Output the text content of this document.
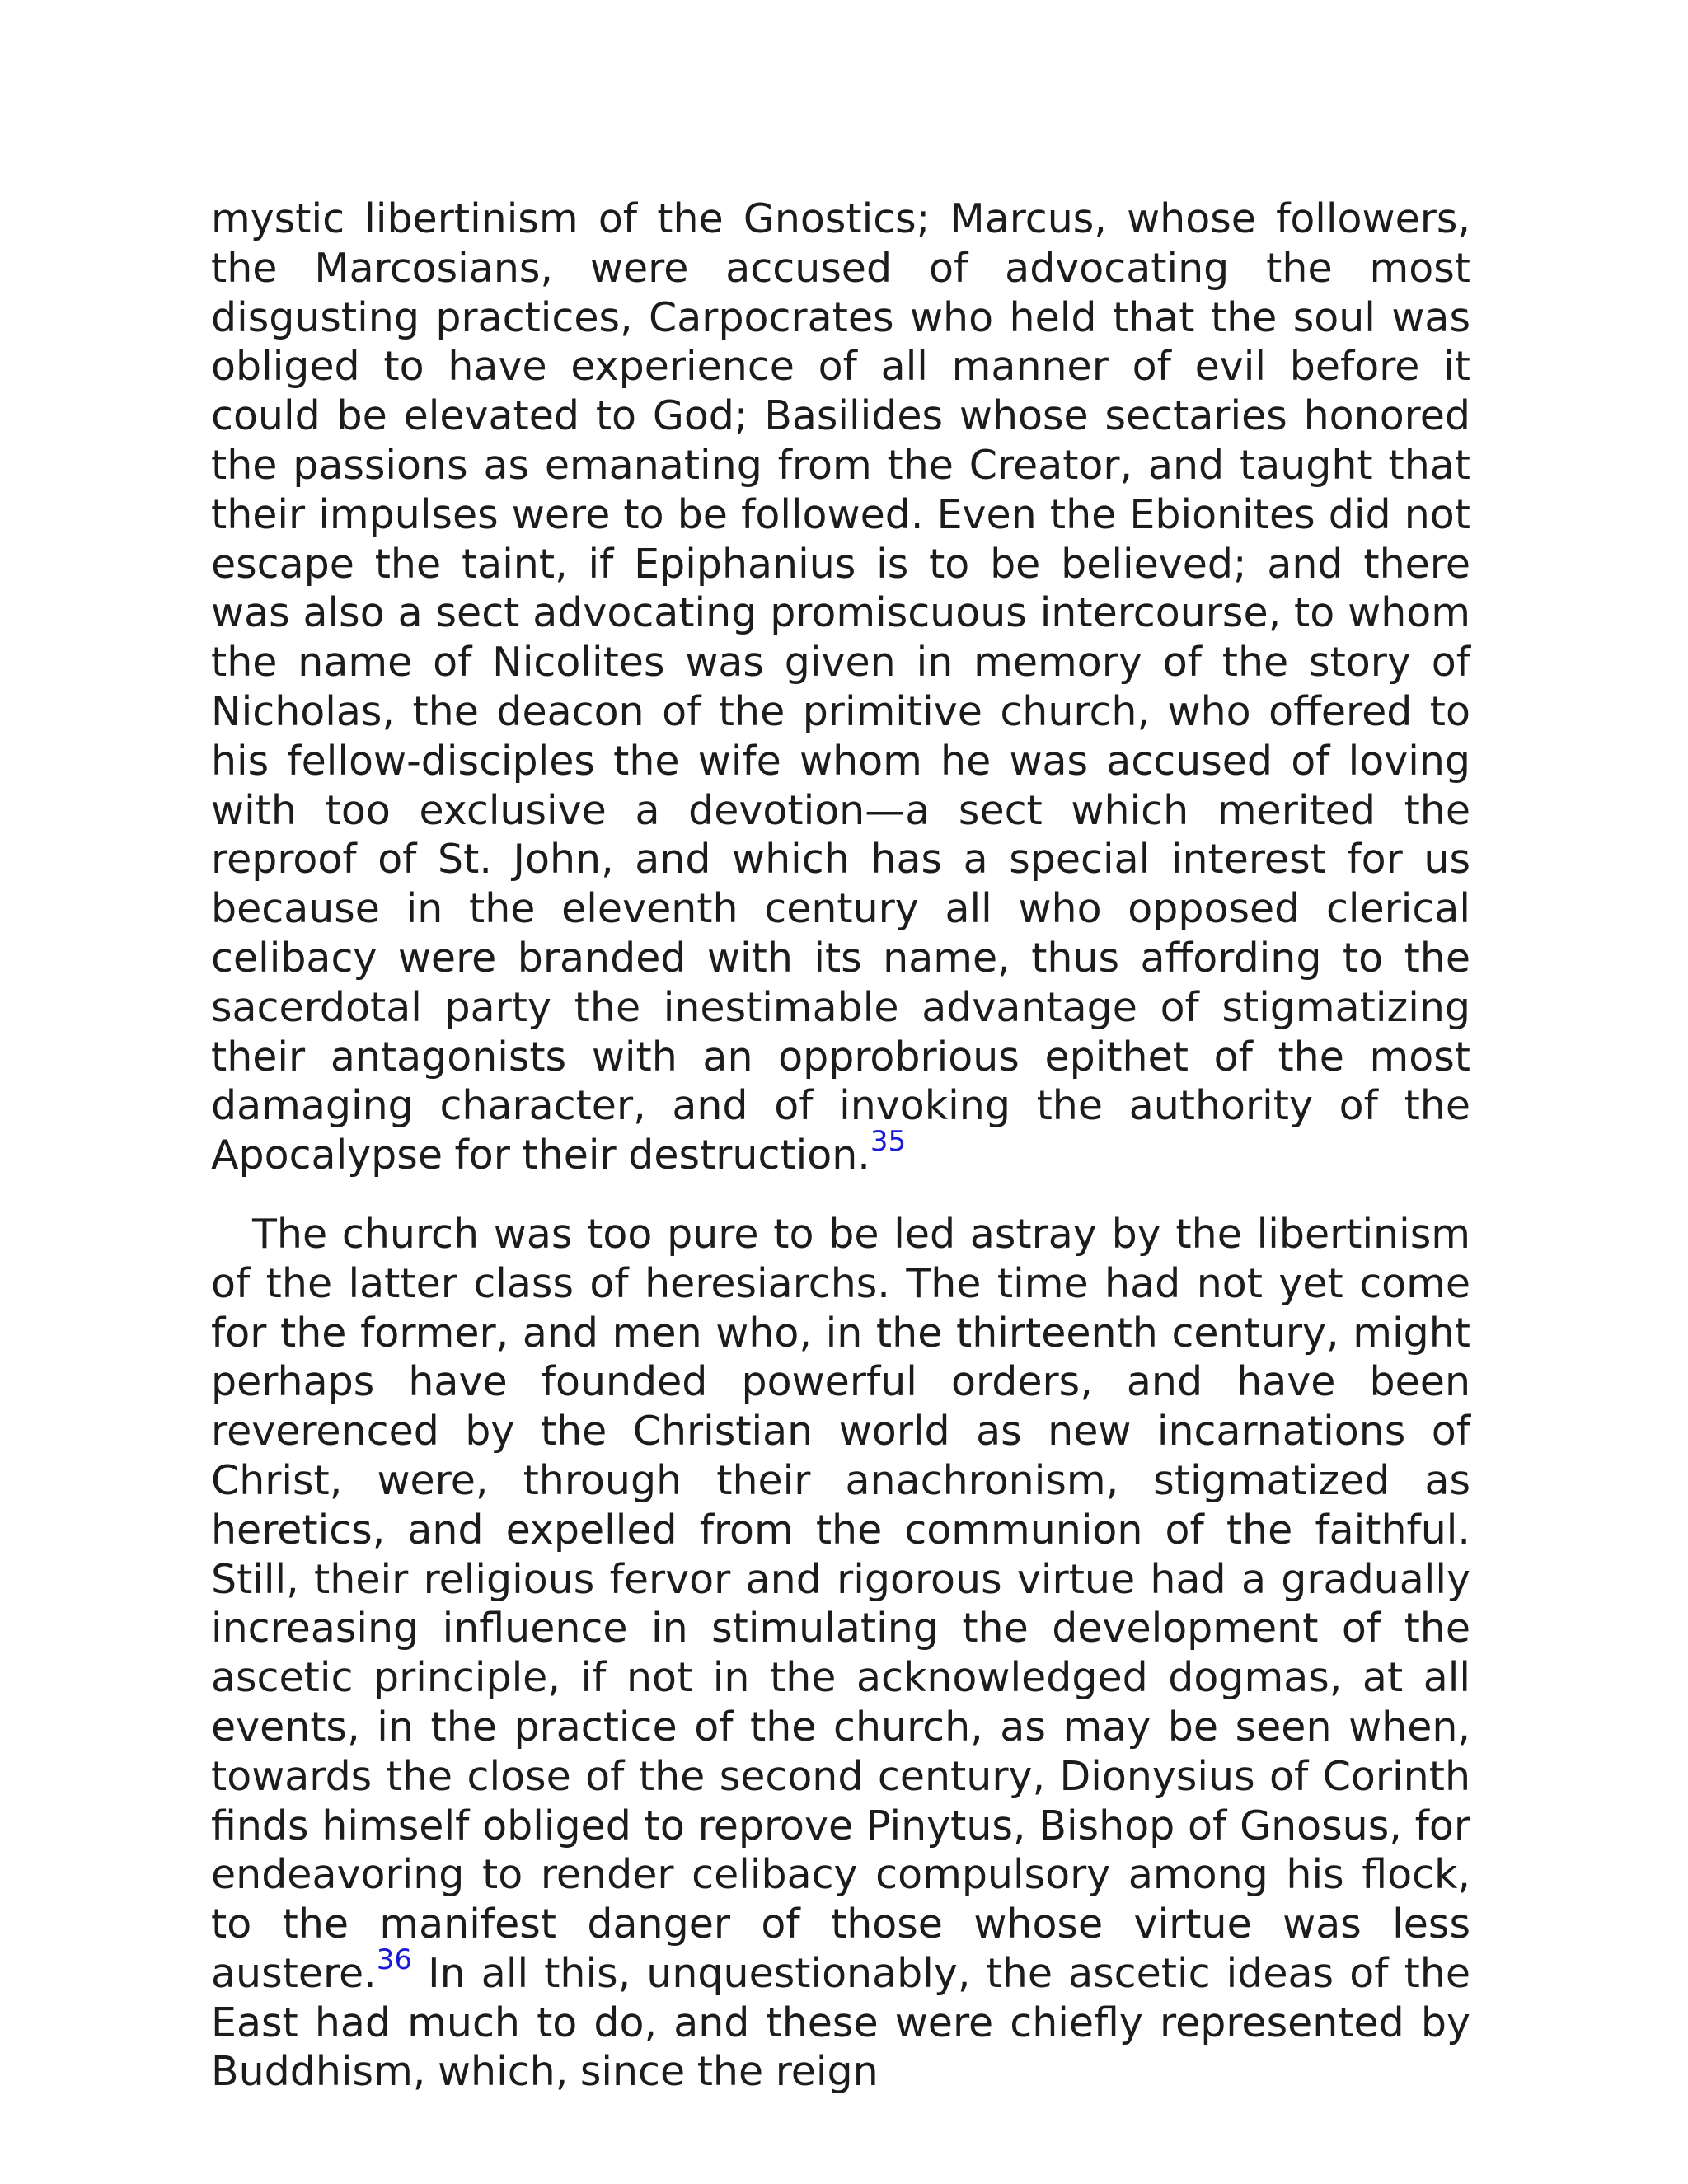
mystic libertinism of the Gnostics; Marcus, whose followers, the Marcosians, were accused of advocating the most disgusting practices, Carpocrates who held that the soul was obliged to have experience of all manner of evil before it could be elevated to God; Basilides whose sectaries honored the passions as emanating from the Creator, and taught that their impulses were to be followed. Even the Ebionites did not escape the taint, if Epiphanius is to be believed; and there was also a sect advocating promiscuous intercourse, to whom the name of Nicolites was given in memory of the story of Nicholas, the deacon of the primitive church, who offered to his fellow-disciples the wife whom he was accused of loving with too exclusive a devotion—a sect which merited the reproof of St. John, and which has a special interest for us because in the eleventh century all who opposed clerical celibacy were branded with its name, thus affording to the sacerdotal party the inestimable advantage of stigmatizing their antagonists with an opprobrious epithet of the most damaging character, and of invoking the authority of the Apocalypse for their destruction.$^{35}$

The church was too pure to be led astray by the libertinism of the latter class of heresiarchs. The time had not yet come for the former, and men who, in the thirteenth century, might perhaps have founded powerful orders, and have been reverenced by the Christian world as new incarnations of Christ, were, through their anachronism, stigmatized as heretics, and expelled from the communion of the faithful. Still, their religious fervor and rigorous virtue had a gradually increasing influence in stimulating the development of the ascetic principle, if not in the acknowledged dogmas, at all events, in the practice of the church, as may be seen when, towards the close of the second century, Dionysius of Corinth finds himself obliged to reprove Pinytus, Bishop of Gnosus, for endeavoring to render celibacy compulsory among his flock, to the manifest danger of those whose virtue was less austere.$^{36}$ In all this, unquestionably, the ascetic ideas of the East had much to do, and these were chiefly represented by Buddhism, which, since the reign
